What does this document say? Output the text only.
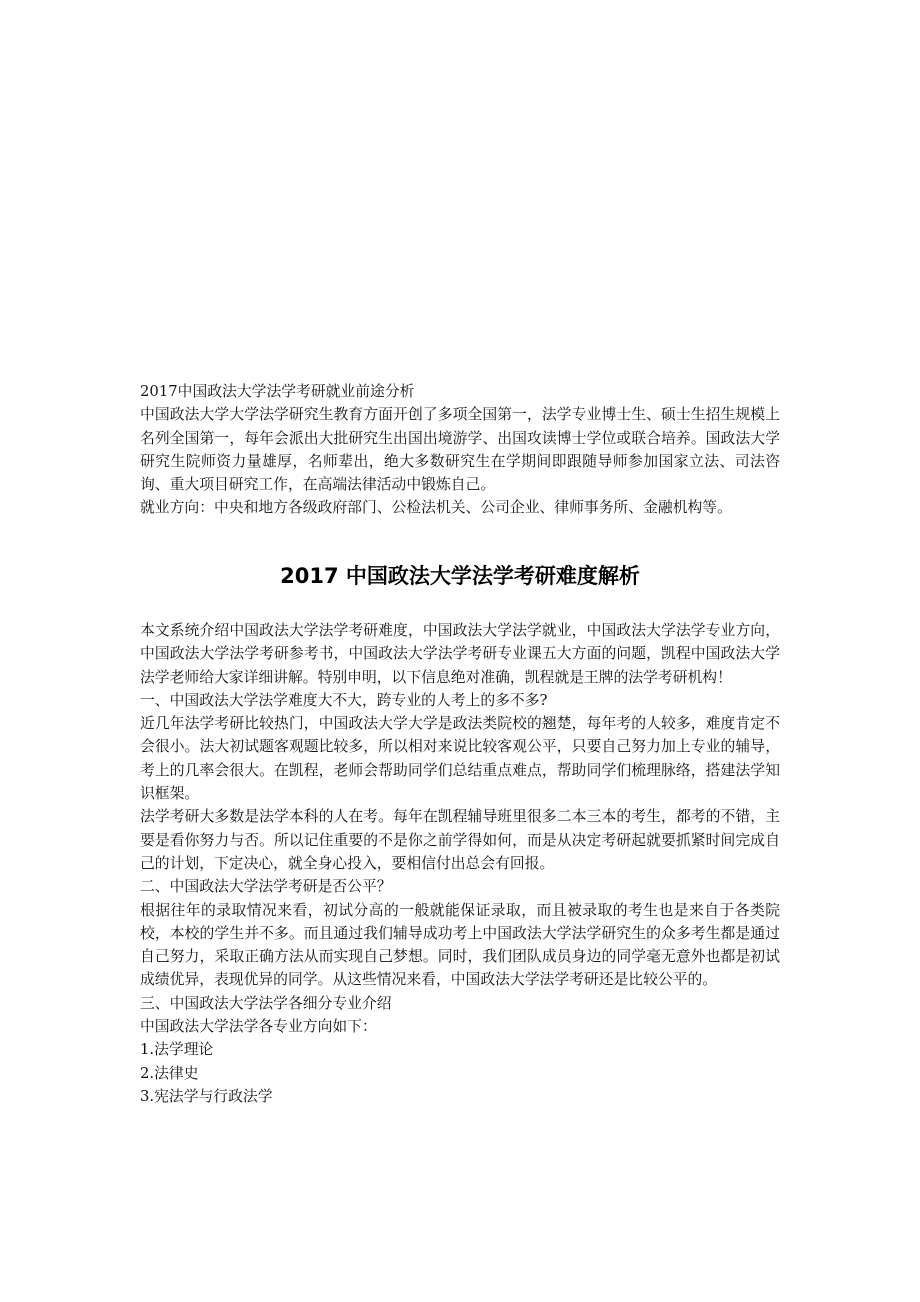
2017中国政法大学法学考研就业前途分析

中国政法大学大学法学研究生教育方面开创了多项全国第一，法学专业博士生、硕士生招生规模上名列全国第一，每年会派出大批研究生出国出境游学、出国攻读博士学位或联合培养。国政法大学研究生院师资力量雄厚，名师辈出，绝大多数研究生在学期间即跟随导师参加国家立法、司法咨询、重大项目研究工作，在高端法律活动中锻炼自己。

就业方向：中央和地方各级政府部门、公检法机关、公司企业、律师事务所、金融机构等。

2017 中国政法大学法学考研难度解析

本文系统介绍中国政法大学法学考研难度，中国政法大学法学就业，中国政法大学法学专业方向，中国政法大学法学考研参考书，中国政法大学法学考研专业课五大方面的问题，凯程中国政法大学法学老师给大家详细讲解。特别申明，以下信息绝对准确，凯程就是王牌的法学考研机构！

一、中国政法大学法学难度大不大，跨专业的人考上的多不多?

近几年法学考研比较热门，中国政法大学大学是政法类院校的翘楚，每年考的人较多，难度肯定不会很小。法大初试题客观题比较多，所以相对来说比较客观公平，只要自己努力加上专业的辅导，考上的几率会很大。在凯程，老师会帮助同学们总结重点难点，帮助同学们梳理脉络，搭建法学知识框架。

法学考研大多数是法学本科的人在考。每年在凯程辅导班里很多二本三本的考生，都考的不错，主要是看你努力与否。所以记住重要的不是你之前学得如何，而是从决定考研起就要抓紧时间完成自己的计划，下定决心，就全身心投入，要相信付出总会有回报。

二、中国政法大学法学考研是否公平？

根据往年的录取情况来看，初试分高的一般就能保证录取，而且被录取的考生也是来自于各类院校，本校的学生并不多。而且通过我们辅导成功考上中国政法大学法学研究生的众多考生都是通过自己努力，采取正确方法从而实现自己梦想。同时，我们团队成员身边的同学毫无意外也都是初试成绩优异，表现优异的同学。从这些情况来看，中国政法大学法学考研还是比较公平的。

三、中国政法大学法学各细分专业介绍

中国政法大学法学各专业方向如下：

1.法学理论

2.法律史

3.宪法学与行政法学
